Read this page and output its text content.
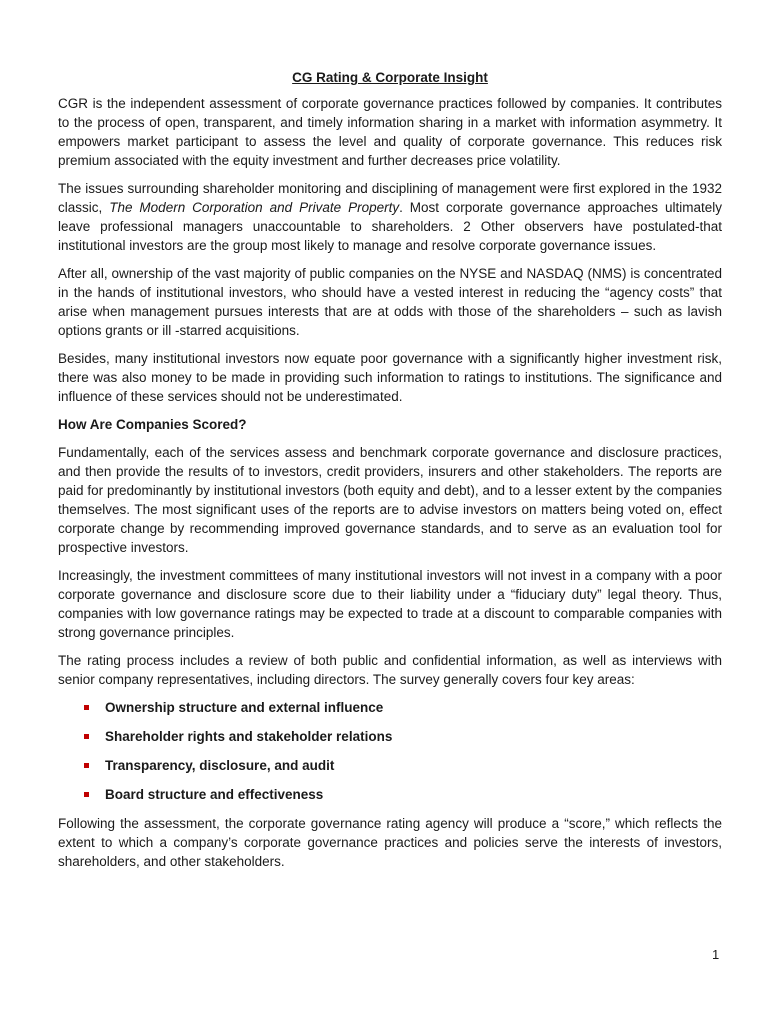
CG Rating & Corporate Insight

CGR is the independent assessment of corporate governance practices followed by companies. It contributes to the process of open, transparent, and timely information sharing in a market with information asymmetry. It empowers market participant to assess the level and quality of corporate governance. This reduces risk premium associated with the equity investment and further decreases price volatility.

The issues surrounding shareholder monitoring and disciplining of management were first explored in the 1932 classic, The Modern Corporation and Private Property. Most corporate governance approaches ultimately leave professional managers unaccountable to shareholders. 2 Other observers have postulated-that institutional investors are the group most likely to manage and resolve corporate governance issues.

After all, ownership of the vast majority of public companies on the NYSE and NASDAQ (NMS) is concentrated in the hands of institutional investors, who should have a vested interest in reducing the “agency costs” that arise when management pursues interests that are at odds with those of the shareholders – such as lavish options grants or ill -starred acquisitions.

Besides, many institutional investors now equate poor governance with a significantly higher investment risk, there was also money to be made in providing such information to ratings to institutions. The significance and influence of these services should not be underestimated.

How Are Companies Scored?

Fundamentally, each of the services assess and benchmark corporate governance and disclosure practices, and then provide the results of to investors, credit providers, insurers and other stakeholders. The reports are paid for predominantly by institutional investors (both equity and debt), and to a lesser extent by the companies themselves. The most significant uses of the reports are to advise investors on matters being voted on, effect corporate change by recommending improved governance standards, and to serve as an evaluation tool for prospective investors.

Increasingly, the investment committees of many institutional investors will not invest in a company with a poor corporate governance and disclosure score due to their liability under a “fiduciary duty” legal theory. Thus, companies with low governance ratings may be expected to trade at a discount to comparable companies with strong governance principles.

The rating process includes a review of both public and confidential information, as well as interviews with senior company representatives, including directors. The survey generally covers four key areas:

Ownership structure and external influence
Shareholder rights and stakeholder relations
Transparency, disclosure, and audit
Board structure and effectiveness

Following the assessment, the corporate governance rating agency will produce a “score,” which reflects the extent to which a company’s corporate governance practices and policies serve the interests of investors, shareholders, and other stakeholders.

1
